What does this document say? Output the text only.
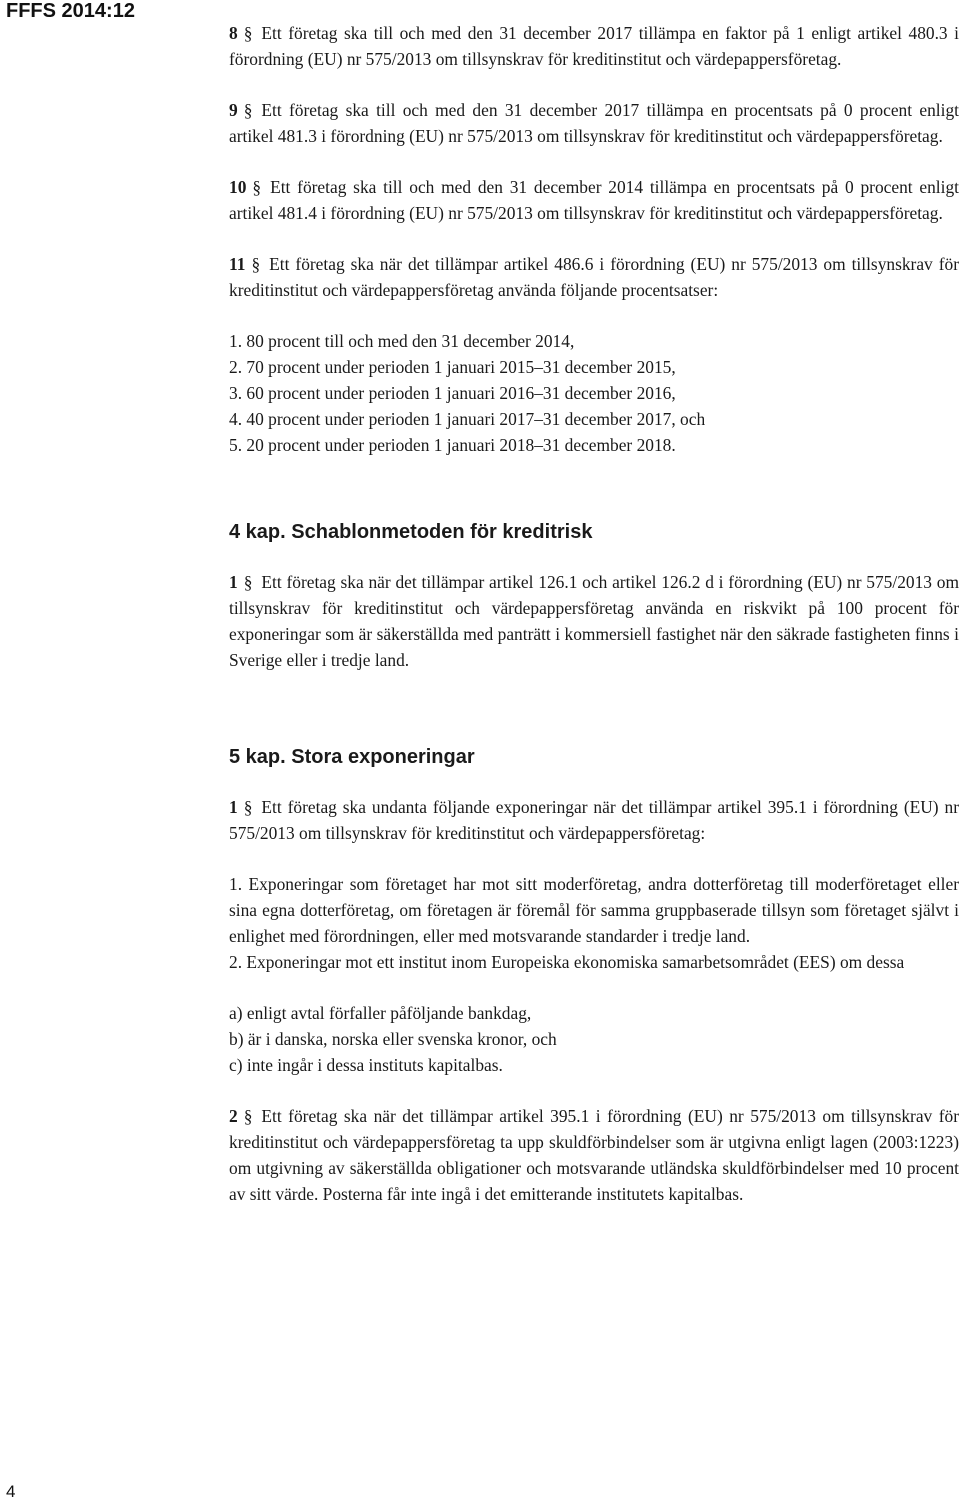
FFFS 2014:12

8 § Ett företag ska till och med den 31 december 2017 tillämpa en faktor på 1 enligt artikel 480.3 i förordning (EU) nr 575/2013 om tillsynskrav för kreditinstitut och värdepappersföretag.

9 § Ett företag ska till och med den 31 december 2017 tillämpa en procentsats på 0 procent enligt artikel 481.3 i förordning (EU) nr 575/2013 om tillsynskrav för kreditinstitut och värdepappersföretag.

10 § Ett företag ska till och med den 31 december 2014 tillämpa en procentsats på 0 procent enligt artikel 481.4 i förordning (EU) nr 575/2013 om tillsynskrav för kreditinstitut och värdepappersföretag.

11 § Ett företag ska när det tillämpar artikel 486.6 i förordning (EU) nr 575/2013 om tillsynskrav för kreditinstitut och värdepappersföretag använda följande procentsatser:

1. 80 procent till och med den 31 december 2014,
2. 70 procent under perioden 1 januari 2015–31 december 2015,
3. 60 procent under perioden 1 januari 2016–31 december 2016,
4. 40 procent under perioden 1 januari 2017–31 december 2017, och
5. 20 procent under perioden 1 januari 2018–31 december 2018.
4 kap. Schablonmetoden för kreditrisk

1 § Ett företag ska när det tillämpar artikel 126.1 och artikel 126.2 d i förordning (EU) nr 575/2013 om tillsynskrav för kreditinstitut och värdepappersföretag använda en riskvikt på 100 procent för exponeringar som är säkerställda med panträtt i kommersiell fastighet när den säkrade fastigheten finns i Sverige eller i tredje land.

5 kap. Stora exponeringar

1 § Ett företag ska undanta följande exponeringar när det tillämpar artikel 395.1 i förordning (EU) nr 575/2013 om tillsynskrav för kreditinstitut och värdepappersföretag:

1. Exponeringar som företaget har mot sitt moderföretag, andra dotterföretag till moderföretaget eller sina egna dotterföretag, om företagen är föremål för samma gruppbaserade tillsyn som företaget självt i enlighet med förordningen, eller med motsvarande standarder i tredje land.
2. Exponeringar mot ett institut inom Europeiska ekonomiska samarbetsområdet (EES) om dessa
a) enligt avtal förfaller påföljande bankdag,
b) är i danska, norska eller svenska kronor, och
c) inte ingår i dessa instituts kapitalbas.

2 § Ett företag ska när det tillämpar artikel 395.1 i förordning (EU) nr 575/2013 om tillsynskrav för kreditinstitut och värdepappersföretag ta upp skuldförbindelser som är utgivna enligt lagen (2003:1223) om utgivning av säkerställda obligationer och motsvarande utländska skuldförbindelser med 10 procent av sitt värde. Posterna får inte ingå i det emitterande institutets kapitalbas.

4
